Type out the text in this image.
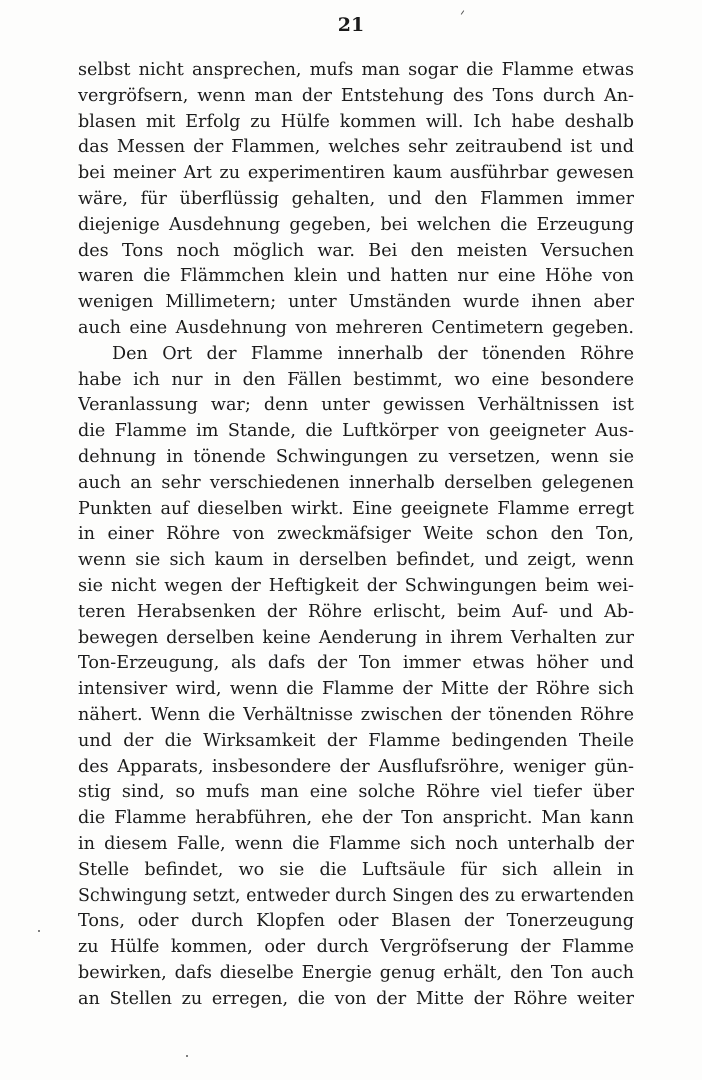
21
selbst nicht ansprechen, mufs man sogar die Flamme etwas
vergröfsern, wenn man der Entstehung des Tons durch An-
blasen mit Erfolg zu Hülfe kommen will. Ich habe deshalb
das Messen der Flammen, welches sehr zeitraubend ist und
bei meiner Art zu experimentiren kaum ausführbar gewesen
wäre, für überflüssig gehalten, und den Flammen immer
diejenige Ausdehnung gegeben, bei welchen die Erzeugung
des Tons noch möglich war. Bei den meisten Versuchen
waren die Flämmchen klein und hatten nur eine Höhe von
wenigen Millimetern; unter Umständen wurde ihnen aber
auch eine Ausdehnung von mehreren Centimetern gegeben.
Den Ort der Flamme innerhalb der tönenden Röhre
habe ich nur in den Fällen bestimmt, wo eine besondere
Veranlassung war; denn unter gewissen Verhältnissen ist
die Flamme im Stande, die Luftkörper von geeigneter Aus-
dehnung in tönende Schwingungen zu versetzen, wenn sie
auch an sehr verschiedenen innerhalb derselben gelegenen
Punkten auf dieselben wirkt. Eine geeignete Flamme erregt
in einer Röhre von zweckmäfsiger Weite schon den Ton,
wenn sie sich kaum in derselben befindet, und zeigt, wenn
sie nicht wegen der Heftigkeit der Schwingungen beim wei-
teren Herabsenken der Röhre erlischt, beim Auf- und Ab-
bewegen derselben keine Aenderung in ihrem Verhalten zur
Ton-Erzeugung, als dafs der Ton immer etwas höher und
intensiver wird, wenn die Flamme der Mitte der Röhre sich
nähert. Wenn die Verhältnisse zwischen der tönenden Röhre
und der die Wirksamkeit der Flamme bedingenden Theile
des Apparats, insbesondere der Ausflufsröhre, weniger gün-
stig sind, so mufs man eine solche Röhre viel tiefer über
die Flamme herabführen, ehe der Ton anspricht. Man kann
in diesem Falle, wenn die Flamme sich noch unterhalb der
Stelle befindet, wo sie die Luftsäule für sich allein in
Schwingung setzt, entweder durch Singen des zu erwartenden
Tons, oder durch Klopfen oder Blasen der Tonerzeugung
zu Hülfe kommen, oder durch Vergröfserung der Flamme
bewirken, dafs dieselbe Energie genug erhält, den Ton auch
an Stellen zu erregen, die von der Mitte der Röhre weiter
